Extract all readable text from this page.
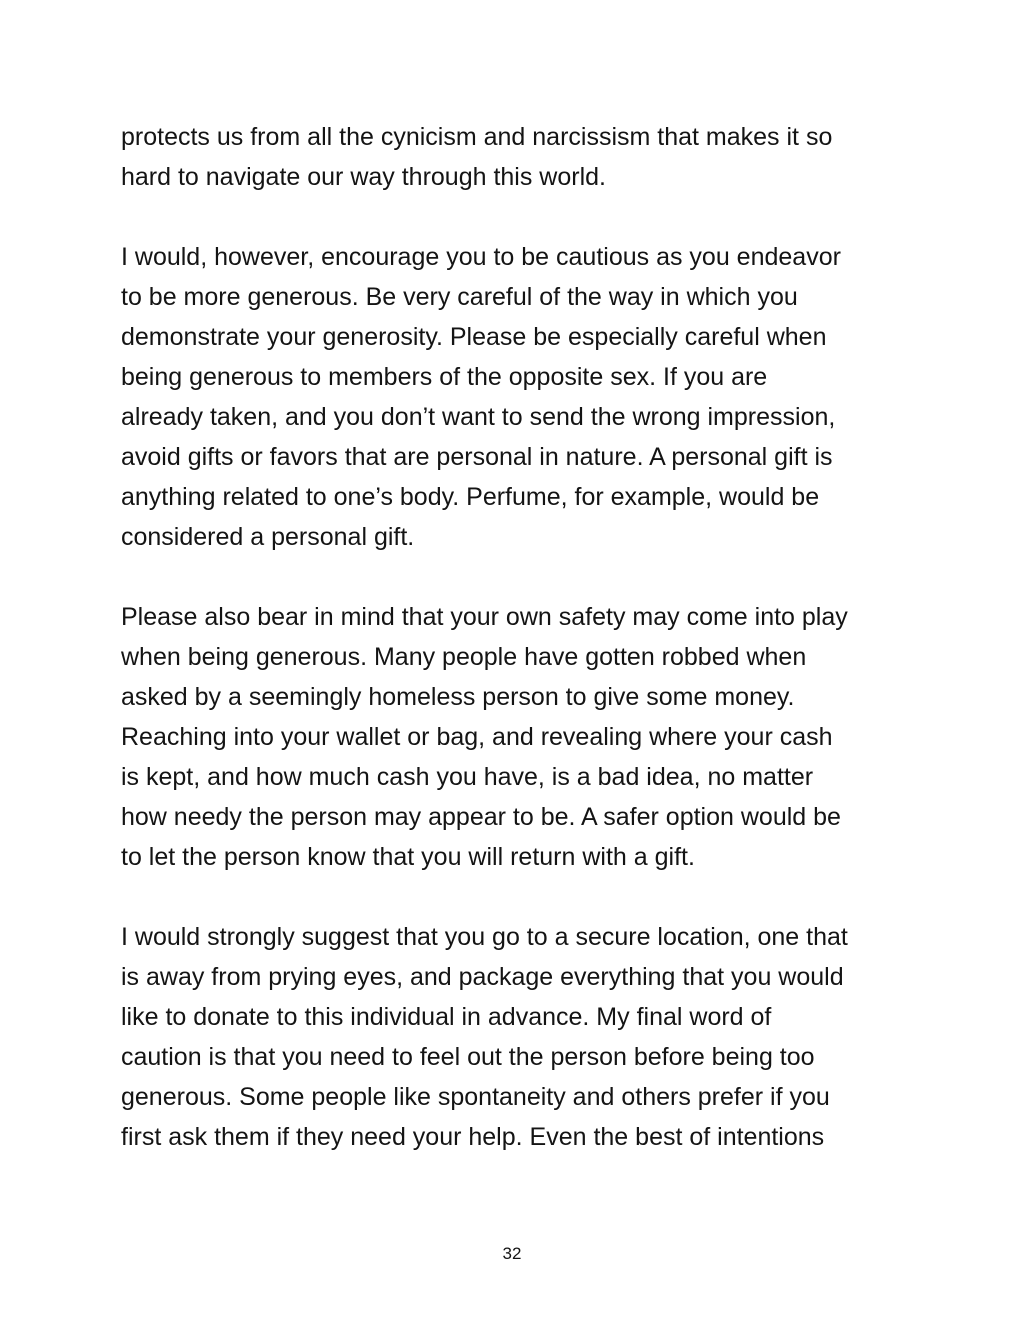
protects us from all the cynicism and narcissism that makes it so
hard to navigate our way through this world.

I would, however, encourage you to be cautious as you endeavor
to be more generous. Be very careful of the way in which you
demonstrate your generosity. Please be especially careful when
being generous to members of the opposite sex. If you are
already taken, and you don’t want to send the wrong impression,
avoid gifts or favors that are personal in nature. A personal gift is
anything related to one’s body. Perfume, for example, would be
considered a personal gift.

Please also bear in mind that your own safety may come into play
when being generous. Many people have gotten robbed when
asked by a seemingly homeless person to give some money.
Reaching into your wallet or bag, and revealing where your cash
is kept, and how much cash you have, is a bad idea, no matter
how needy the person may appear to be. A safer option would be
to let the person know that you will return with a gift.

I would strongly suggest that you go to a secure location, one that
is away from prying eyes, and package everything that you would
like to donate to this individual in advance. My final word of
caution is that you need to feel out the person before being too
generous. Some people like spontaneity and others prefer if you
first ask them if they need your help. Even the best of intentions

32
